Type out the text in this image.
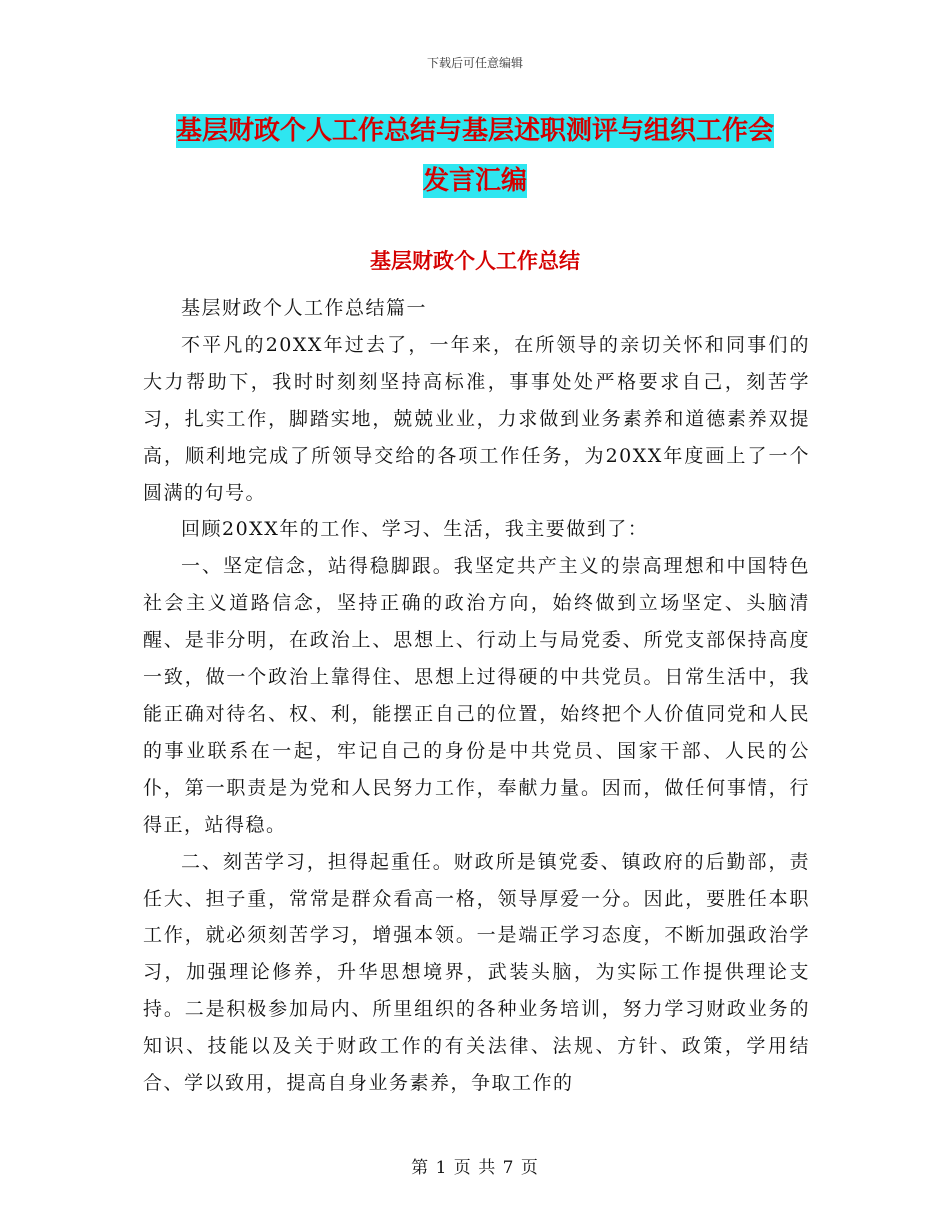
下载后可任意编辑
基层财政个人工作总结与基层述职测评与组织工作会
发言汇编
基层财政个人工作总结

基层财政个人工作总结篇一

不平凡的20XX年过去了，一年来，在所领导的亲切关怀和同事们的大力帮助下，我时时刻刻坚持高标准，事事处处严格要求自己，刻苦学习，扎实工作，脚踏实地，兢兢业业，力求做到业务素养和道德素养双提高，顺利地完成了所领导交给的各项工作任务，为20XX年度画上了一个圆满的句号。

回顾20XX年的工作、学习、生活，我主要做到了：

一、坚定信念，站得稳脚跟。我坚定共产主义的崇高理想和中国特色社会主义道路信念，坚持正确的政治方向，始终做到立场坚定、头脑清醒、是非分明，在政治上、思想上、行动上与局党委、所党支部保持高度一致，做一个政治上靠得住、思想上过得硬的中共党员。日常生活中，我能正确对待名、权、利，能摆正自己的位置，始终把个人价值同党和人民的事业联系在一起，牢记自己的身份是中共党员、国家干部、人民的公仆，第一职责是为党和人民努力工作，奉献力量。因而，做任何事情，行得正，站得稳。

二、刻苦学习，担得起重任。财政所是镇党委、镇政府的后勤部，责任大、担子重，常常是群众看高一格，领导厚爱一分。因此，要胜任本职工作，就必须刻苦学习，增强本领。一是端正学习态度，不断加强政治学习，加强理论修养，升华思想境界，武装头脑，为实际工作提供理论支持。二是积极参加局内、所里组织的各种业务培训，努力学习财政业务的知识、技能以及关于财政工作的有关法律、法规、方针、政策，学用结合、学以致用，提高自身业务素养，争取工作的

第 1 页 共 7 页
